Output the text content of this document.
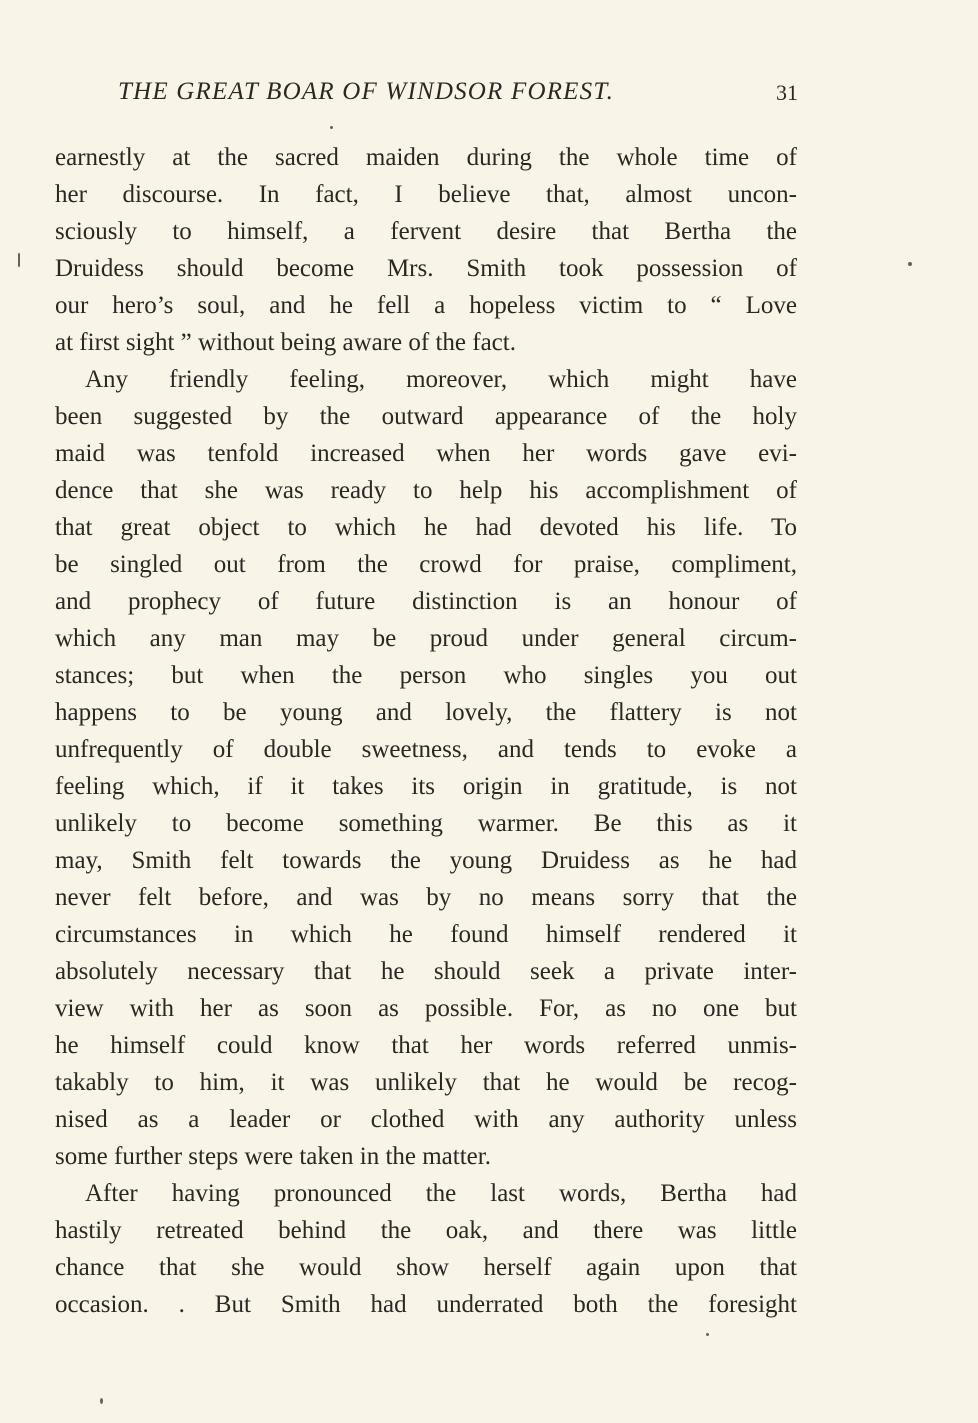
THE GREAT BOAR OF WINDSOR FOREST.	31
earnestly at the sacred maiden during the whole time of
her discourse. In fact, I believe that, almost uncon-
sciously to himself, a fervent desire that Bertha the
Druidess should become Mrs. Smith took possession of
our hero’s soul, and he fell a hopeless victim to “ Love
at first sight ” without being aware of the fact.
Any friendly feeling, moreover, which might have
been suggested by the outward appearance of the holy
maid was tenfold increased when her words gave evi-
dence that she was ready to help his accomplishment of
that great object to which he had devoted his life. To
be singled out from the crowd for praise, compliment,
and prophecy of future distinction is an honour of
which any man may be proud under general circum-
stances; but when the person who singles you out
happens to be young and lovely, the flattery is not
unfrequently of double sweetness, and tends to evoke a
feeling which, if it takes its origin in gratitude, is not
unlikely to become something warmer. Be this as it
may, Smith felt towards the young Druidess as he had
never felt before, and was by no means sorry that the
circumstances in which he found himself rendered it
absolutely necessary that he should seek a private inter-
view with her as soon as possible. For, as no one but
he himself could know that her words referred unmis-
takably to him, it was unlikely that he would be recog-
nised as a leader or clothed with any authority unless
some further steps were taken in the matter.
After having pronounced the last words, Bertha had
hastily retreated behind the oak, and there was little
chance that she would show herself again upon that
occasion. . But Smith had underrated both the foresight
